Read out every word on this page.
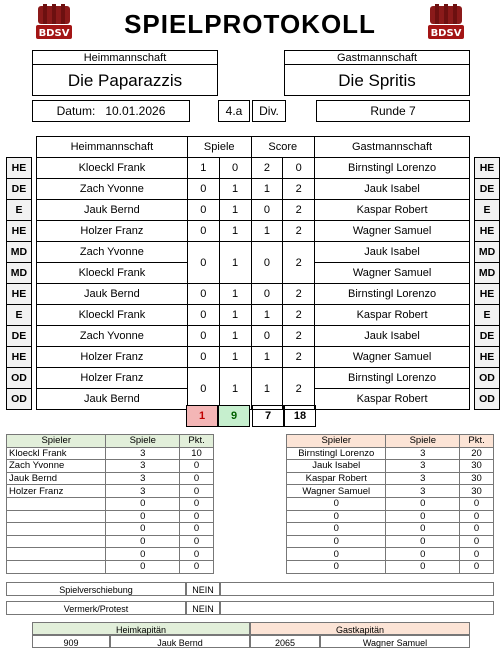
BDSV	BDSV
SPIELPROTOKOLL
Heimmannschaft
Die Paparazzis
Gastmannschaft
Die Spritis
Datum: 10.01.2026	4.a	Div.	Runde 7
		Heimmannschaft	Spiele		Score		Gastmannschaft		
HE		Kloeckl Frank	1	0	2	0	Birnstingl Lorenzo		HE
DE		Zach Yvonne	0	1	1	2	Jauk Isabel		DE
E		Jauk Bernd	0	1	0	2	Kaspar Robert		E
HE		Holzer Franz	0	1	1	2	Wagner Samuel		HE
MD		Zach Yvonne	0	1	0	2	Jauk Isabel		MD
MD		Kloeckl Frank					Wagner Samuel		MD
HE		Jauk Bernd	0	1	0	2	Birnstingl Lorenzo		HE
E		Kloeckl Frank	0	1	1	2	Kaspar Robert		E
DE		Zach Yvonne	0	1	0	2	Jauk Isabel		DE
HE		Holzer Franz	0	1	1	2	Wagner Samuel		HE
OD		Holzer Franz	0	1	1	2	Birnstingl Lorenzo		OD
OD		Jauk Bernd					Kaspar Robert		OD
1	9	7	18
Spieler	Spiele	Pkt.
Kloeckl Frank	3	10
Zach Yvonne	3	0
Jauk Bernd	3	0
Holzer Franz	3	0
	0	0
	0	0
	0	0
	0	0
	0	0
	0	0
Spieler	Spiele	Pkt.
Birnstingl Lorenzo	3	20
Jauk Isabel	3	30
Kaspar Robert	3	30
Wagner Samuel	3	30
0	0	0
0	0	0
0	0	0
0	0	0
0	0	0
0	0	0
Spielverschiebung	NEIN
Vermerk/Protest	NEIN
Heimkapitän	Gastkapitän
909	Jauk Bernd	2065	Wagner Samuel
